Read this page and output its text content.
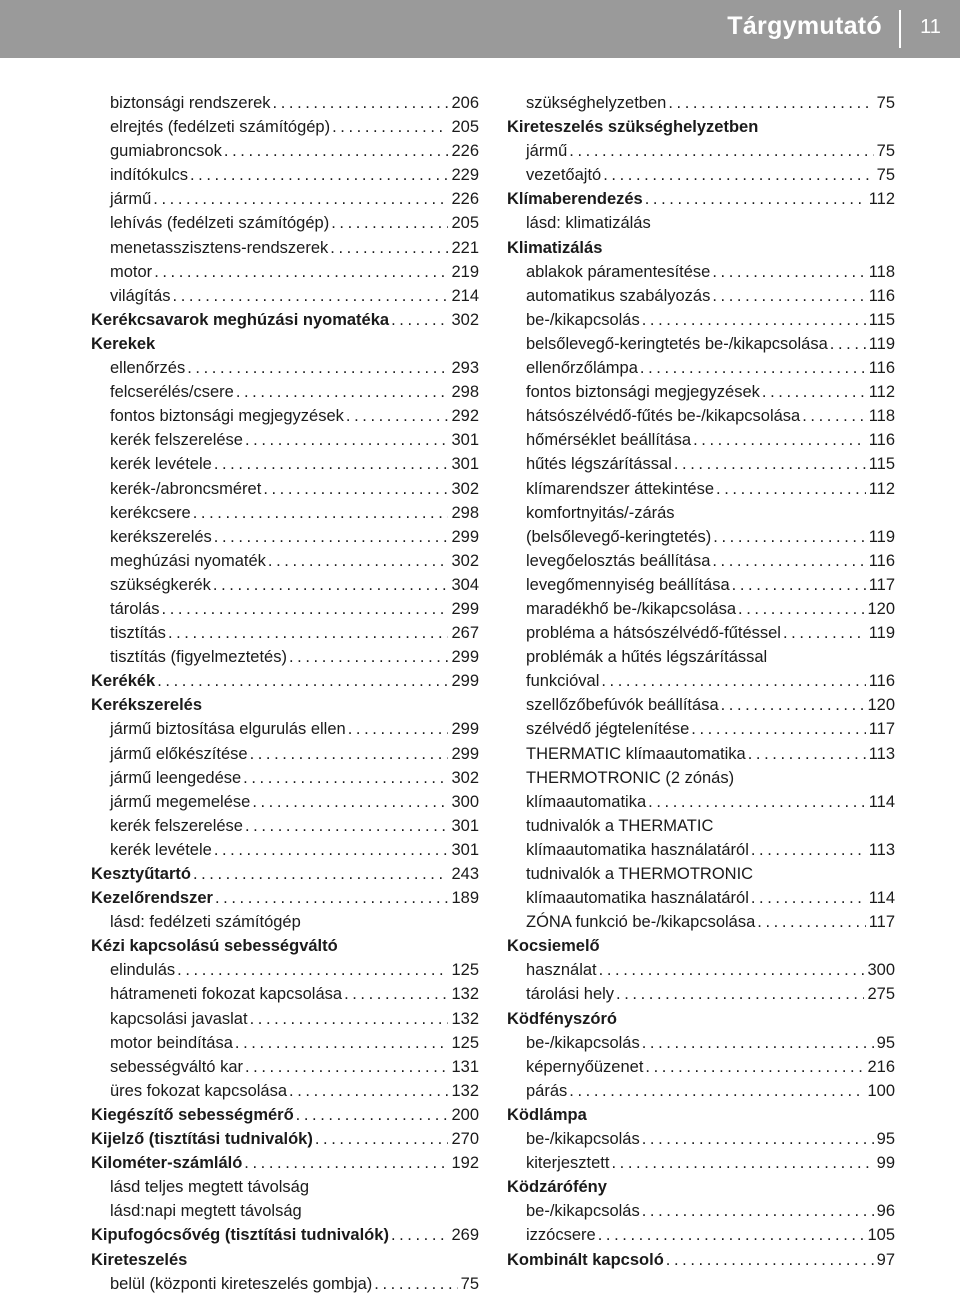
Tárgymutató	11
biztonsági rendszerek .....	206
elrejtés (fedélzeti számítógép) .....	205
gumiabroncsok .....	226
indítókulcs .....	229
jármű .....	226
lehívás (fedélzeti számítógép) .....	205
menetasszisztens-rendszerek .....	221
motor .....	219
világítás .....	214
Kerékcsavarok meghúzási nyomatéka .....	302
Kerekek
ellenőrzés .....	293
felcserélés/csere .....	298
fontos biztonsági megjegyzések .....	292
kerék felszerelése .....	301
kerék levétele .....	301
kerék-/abroncsméret .....	302
kerékcsere .....	298
kerékszerelés .....	299
meghúzási nyomaték .....	302
szükségkerék .....	304
tárolás .....	299
tisztítás .....	267
tisztítás (figyelmeztetés) .....	299
Kerékék .....	299
Kerékszerelés
jármű biztosítása elgurulás ellen .....	299
jármű előkészítése .....	299
jármű leengedése .....	302
jármű megemelése .....	300
kerék felszerelése .....	301
kerék levétele .....	301
Kesztyűtartó .....	243
Kezelőrendszer .....	189
lásd: fedélzeti számítógép
Kézi kapcsolású sebességváltó
elindulás .....	125
hátrameneti fokozat kapcsolása .....	132
kapcsolási javaslat .....	132
motor beindítása .....	125
sebességváltó kar .....	131
üres fokozat kapcsolása .....	132
Kiegészítő sebességmérő .....	200
Kijelző (tisztítási tudnivalók) .....	270
Kilométer-számláló .....	192
lásd teljes megtett távolság
lásd:napi megtett távolság
Kipufogócsővég (tisztítási tudnivalók) .....	269
Kireteszelés
belül (központi kireteszelés gombja) .....	75
szükséghelyzetben .....	75
Kireteszelés szükséghelyzetben
jármű .....	75
vezetőajtó .....	75
Klímaberendezés .....	112
lásd: klimatizálás
Klimatizálás
ablakok páramentesítése .....	118
automatikus szabályozás .....	116
be-/kikapcsolás .....	115
belsőlevegő-keringtetés be-/kikapcsolása ..... 119
ellenőrzőlámpa .....	116
fontos biztonsági megjegyzések .....	112
hátsószélvédő-fűtés be-/kikapcsolása .....	118
hőmérséklet beállítása .....	116
hűtés légszárítással .....	115
klímarendszer áttekintése .....	112
komfortnyitás/-zárás
(belsőlevegő-keringtetés) .....	119
levegőelosztás beállítása .....	116
levegőmennyiség beállítása .....	117
maradékhő be-/kikapcsolása .....	120
probléma a hátsószélvédő-fűtéssel .....	119
problémák a hűtés légszárítással
funkcióval .....	116
szellőzőbefúvók beállítása .....	120
szélvédő jégtelenítése .....	117
THERMATIC klímaautomatika .....	113
THERMOTRONIC (2 zónás)
klímaautomatika .....	114
tudnivalók a THERMATIC
klímaautomatika használatáról .....	113
tudnivalók a THERMOTRONIC
klímaautomatika használatáról .....	114
ZÓNA funkció be-/kikapcsolása .....	117
Kocsiemelő
használat .....	300
tárolási hely .....	275
Ködfényszóró
be-/kikapcsolás .....	95
képernyőüzenet .....	216
párás .....	100
Ködlámpa
be-/kikapcsolás .....	95
kiterjesztett .....	99
Ködzárófény
be-/kikapcsolás .....	96
izzócsere .....	105
Kombinált kapcsoló .....	97
